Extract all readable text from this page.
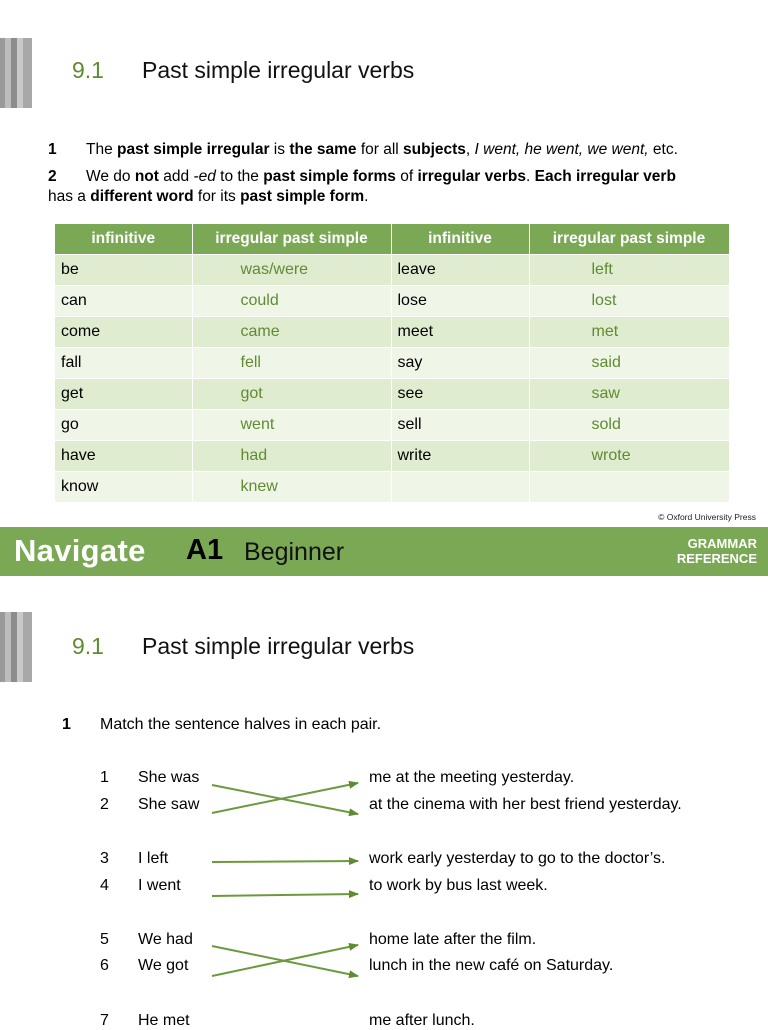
9.1 Past simple irregular verbs
1 The past simple irregular is the same for all subjects, I went, he went, we went, etc.
2 We do not add -ed to the past simple forms of irregular verbs. Each irregular verb
has a different word for its past simple form.
infinitive	irregular past simple	infinitive	irregular past simple
be	was/were	leave	left
can	could	lose	lost
come	came	meet	met
fall	fell	say	said
get	got	see	saw
go	went	sell	sold
have	had	write	wrote
know	knew		
© Oxford University Press
Navigate A1 Beginner	GRAMMAR
REFERENCE
9.1 Past simple irregular verbs
1 Match the sentence halves in each pair.
1 She was	me at the meeting yesterday.
2 She saw	at the cinema with her best friend yesterday.
3 I left	work early yesterday to go to the doctor’s.
4 I went	to work by bus last week.
5 We had	home late after the film.
6 We got	lunch in the new café on Saturday.
7 He met	me after lunch.
